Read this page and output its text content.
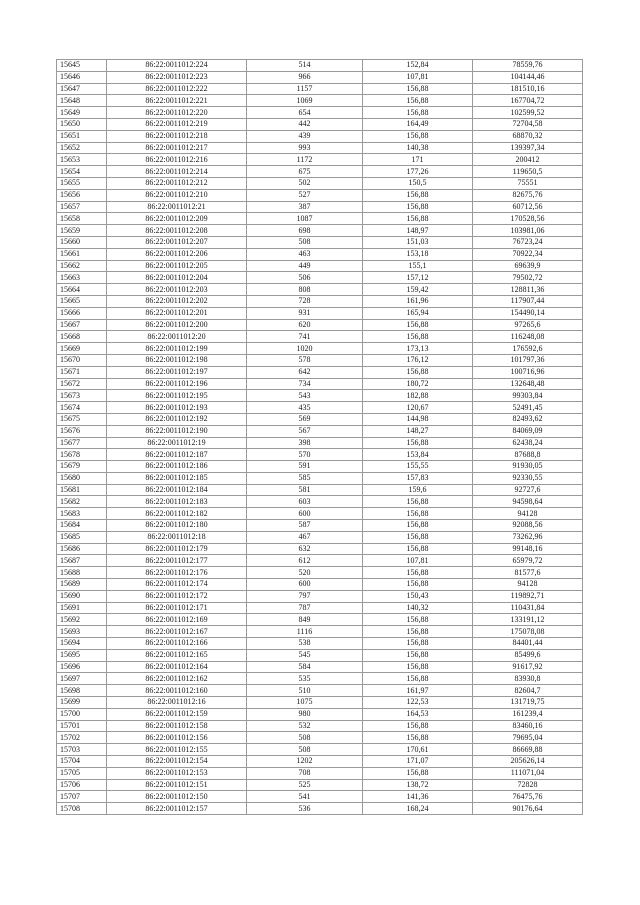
15645	86:22:0011012:224	514	152,84	78559,76
15646	86:22:0011012:223	966	107,81	104144,46
15647	86:22:0011012:222	1157	156,88	181510,16
15648	86:22:0011012:221	1069	156,88	167704,72
15649	86:22:0011012:220	654	156,88	102599,52
15650	86:22:0011012:219	442	164,49	72704,58
15651	86:22:0011012:218	439	156,88	68870,32
15652	86:22:0011012:217	993	140,38	139397,34
15653	86:22:0011012:216	1172	171	200412
15654	86:22:0011012:214	675	177,26	119650,5
15655	86:22:0011012:212	502	150,5	75551
15656	86:22:0011012:210	527	156,88	82675,76
15657	86:22:0011012:21	387	156,88	60712,56
15658	86:22:0011012:209	1087	156,88	170528,56
15659	86:22:0011012:208	698	148,97	103981,06
15660	86:22:0011012:207	508	151,03	76723,24
15661	86:22:0011012:206	463	153,18	70922,34
15662	86:22:0011012:205	449	155,1	69639,9
15663	86:22:0011012:204	506	157,12	79502,72
15664	86:22:0011012:203	808	159,42	128811,36
15665	86:22:0011012:202	728	161,96	117907,44
15666	86:22:0011012:201	931	165,94	154490,14
15667	86:22:0011012:200	620	156,88	97265,6
15668	86:22:0011012:20	741	156,88	116248,08
15669	86:22:0011012:199	1020	173,13	176592,6
15670	86:22:0011012:198	578	176,12	101797,36
15671	86:22:0011012:197	642	156,88	100716,96
15672	86:22:0011012:196	734	180,72	132648,48
15673	86:22:0011012:195	543	182,88	99303,84
15674	86:22:0011012:193	435	120,67	52491,45
15675	86:22:0011012:192	569	144,98	82493,62
15676	86:22:0011012:190	567	148,27	84069,09
15677	86:22:0011012:19	398	156,88	62438,24
15678	86:22:0011012:187	570	153,84	87688,8
15679	86:22:0011012:186	591	155,55	91930,05
15680	86:22:0011012:185	585	157,83	92330,55
15681	86:22:0011012:184	581	159,6	92727,6
15682	86:22:0011012:183	603	156,88	94598,64
15683	86:22:0011012:182	600	156,88	94128
15684	86:22:0011012:180	587	156,88	92088,56
15685	86:22:0011012:18	467	156,88	73262,96
15686	86:22:0011012:179	632	156,88	99148,16
15687	86:22:0011012:177	612	107,81	65979,72
15688	86:22:0011012:176	520	156,88	81577,6
15689	86:22:0011012:174	600	156,88	94128
15690	86:22:0011012:172	797	150,43	119892,71
15691	86:22:0011012:171	787	140,32	110431,84
15692	86:22:0011012:169	849	156,88	133191,12
15693	86:22:0011012:167	1116	156,88	175078,08
15694	86:22:0011012:166	538	156,88	84401,44
15695	86:22:0011012:165	545	156,88	85499,6
15696	86:22:0011012:164	584	156,88	91617,92
15697	86:22:0011012:162	535	156,88	83930,8
15698	86:22:0011012:160	510	161,97	82604,7
15699	86:22:0011012:16	1075	122,53	131719,75
15700	86:22:0011012:159	980	164,53	161239,4
15701	86:22:0011012:158	532	156,88	83460,16
15702	86:22:0011012:156	508	156,88	79695,04
15703	86:22:0011012:155	508	170,61	86669,88
15704	86:22:0011012:154	1202	171,07	205626,14
15705	86:22:0011012:153	708	156,88	111071,04
15706	86:22:0011012:151	525	138,72	72828
15707	86:22:0011012:150	541	141,36	76475,76
15708	86:22:0011012:157	536	168,24	90176,64
